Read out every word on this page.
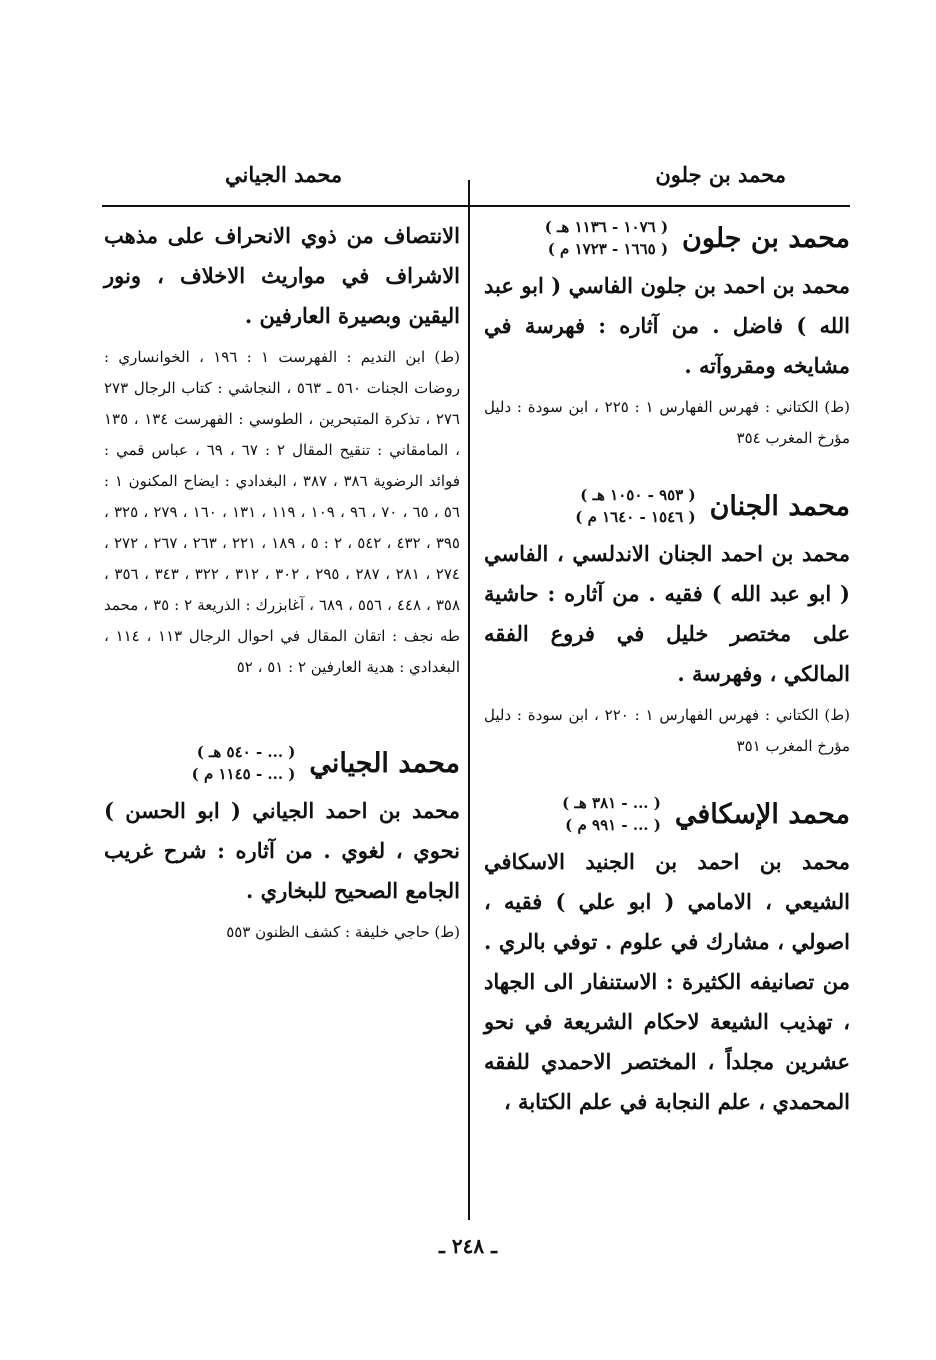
محمد بن جلون
محمد الجياني
محمد بن جلون
( ١٠٧٦ - ١١٣٦ هـ )
( ١٦٦٥ - ١٧٢٣ م )
محمد بن احمد بن جلون الفاسي ( ابو عبد الله ) فاضل . من آثاره : فهرسة في مشايخه ومقروآته .
(ط) الكتاني : فهرس الفهارس ١ : ٢٢٥ ، ابن سودة : دليل مؤرخ المغرب ٣٥٤
محمد الجنان
( ٩٥٣ - ١٠٥٠ هـ )
( ١٥٤٦ - ١٦٤٠ م )
محمد بن احمد الجنان الاندلسي ، الفاسي ( ابو عبد الله ) فقيه . من آثاره : حاشية على مختصر خليل في فروع الفقه المالكي ، وفهرسة .
(ط) الكتاني : فهرس الفهارس ١ : ٢٢٠ ، ابن سودة : دليل مؤرخ المغرب ٣٥١
محمد الإسكافي
( ... - ٣٨١ هـ )
( ... - ٩٩١ م )
محمد بن احمد بن الجنيد الاسكافي الشيعي ، الامامي ( ابو علي ) فقيه ، اصولي ، مشارك في علوم . توفي بالري . من تصانيفه الكثيرة : الاستنفار الى الجهاد ، تهذيب الشيعة لاحكام الشريعة في نحو عشرين مجلداً ، المختصر الاحمدي للفقه المحمدي ، علم النجابة في علم الكتابة ،
الانتصاف من ذوي الانحراف على مذهب الاشراف في مواريث الاخلاف ، ونور اليقين وبصيرة العارفين .
(ط) ابن النديم : الفهرست ١ : ١٩٦ ، الخوانساري : روضات الجنات ٥٦٠ ـ ٥٦٣ ، النجاشي : كتاب الرجال ٢٧٣ ٢٧٦ ، تذكرة المتبحرين ، الطوسي : الفهرست ١٣٤ ، ١٣٥ ، المامقاني : تنقيح المقال ٢ : ٦٧ ، ٦٩ ، عباس قمي : فوائد الرضوية ٣٨٦ ، ٣٨٧ ، البغدادي : ايضاح المكنون ١ : ٥٦ ، ٦٥ ، ٧٠ ، ٩٦ ، ١٠٩ ، ١١٩ ، ١٣١ ، ١٦٠ ، ٢٧٩ ، ٣٢٥ ، ٣٩٥ ، ٤٣٢ ، ٥٤٢ ، ٢ : ٥ ، ١٨٩ ، ٢٢١ ، ٢٦٣ ، ٢٦٧ ، ٢٧٢ ، ٢٧٤ ، ٢٨١ ، ٢٨٧ ، ٢٩٥ ، ٣٠٢ ، ٣١٢ ، ٣٢٢ ، ٣٤٣ ، ٣٥٦ ، ٣٥٨ ، ٤٤٨ ، ٥٥٦ ، ٦٨٩ ، آغابزرك : الذريعة ٢ : ٣٥ ، محمد طه نجف : اتقان المقال في احوال الرجال ١١٣ ، ١١٤ ، البغدادي : هدية العارفين ٢ : ٥١ ، ٥٢
محمد الجياني
( ... - ٥٤٠ هـ )
( ... - ١١٤٥ م )
محمد بن احمد الجياني ( ابو الحسن ) نحوي ، لغوي . من آثاره : شرح غريب الجامع الصحيح للبخاري .
(ط) حاجي خليفة : كشف الظنون ٥٥٣
ـ ٢٤٨ ـ
